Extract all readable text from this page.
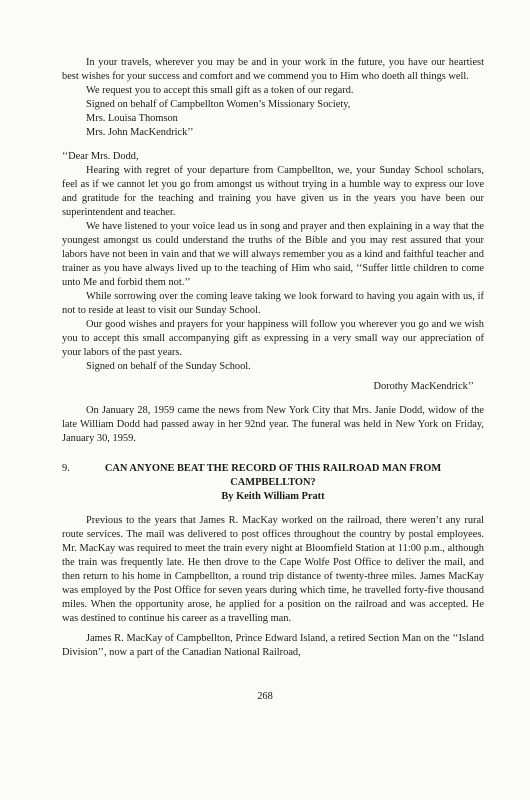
In your travels, wherever you may be and in your work in the future, you have our heartiest best wishes for your success and comfort and we commend you to Him who doeth all things well.

We request you to accept this small gift as a token of our regard.

Signed on behalf of Campbellton Women’s Missionary Society,

Mrs. Louisa Thomson

Mrs. John MacKendrick’’

‘‘Dear Mrs. Dodd,

Hearing with regret of your departure from Campbellton, we, your Sunday School scholars, feel as if we cannot let you go from amongst us without trying in a humble way to express our love and gratitude for the teaching and training you have given us in the years you have been our superintendent and teacher.

We have listened to your voice lead us in song and prayer and then explaining in a way that the youngest amongst us could understand the truths of the Bible and you may rest assured that your labors have not been in vain and that we will always remember you as a kind and faithful teacher and trainer as you have always lived up to the teaching of Him who said, ‘‘Suffer little children to come unto Me and forbid them not.’’

While sorrowing over the coming leave taking we look forward to having you again with us, if not to reside at least to visit our Sunday School.

Our good wishes and prayers for your happiness will follow you wherever you go and we wish you to accept this small accompanying gift as expressing in a very small way our appreciation of your labors of the past years.

Signed on behalf of the Sunday School.

Dorothy MacKendrick’’

On January 28, 1959 came the news from New York City that Mrs. Janie Dodd, widow of the late William Dodd had passed away in her 92nd year. The funeral was held in New York on Friday, January 30, 1959.

9.	CAN ANYONE BEAT THE RECORD OF THIS RAILROAD MAN FROM CAMPBELLTON?
By Keith William Pratt

Previous to the years that James R. MacKay worked on the railroad, there weren’t any rural route services. The mail was delivered to post offices throughout the country by postal employees. Mr. MacKay was required to meet the train every night at Bloomfield Station at 11:00 p.m., although the train was frequently late. He then drove to the Cape Wolfe Post Office to deliver the mail, and then return to his home in Campbellton, a round trip distance of twenty-three miles. James MacKay was employed by the Post Office for seven years during which time, he travelled forty-five thousand miles. When the opportunity arose, he applied for a position on the railroad and was accepted. He was destined to continue his career as a travelling man.

James R. MacKay of Campbellton, Prince Edward Island, a retired Section Man on the ‘‘Island Division’’, now a part of the Canadian National Railroad,

268
